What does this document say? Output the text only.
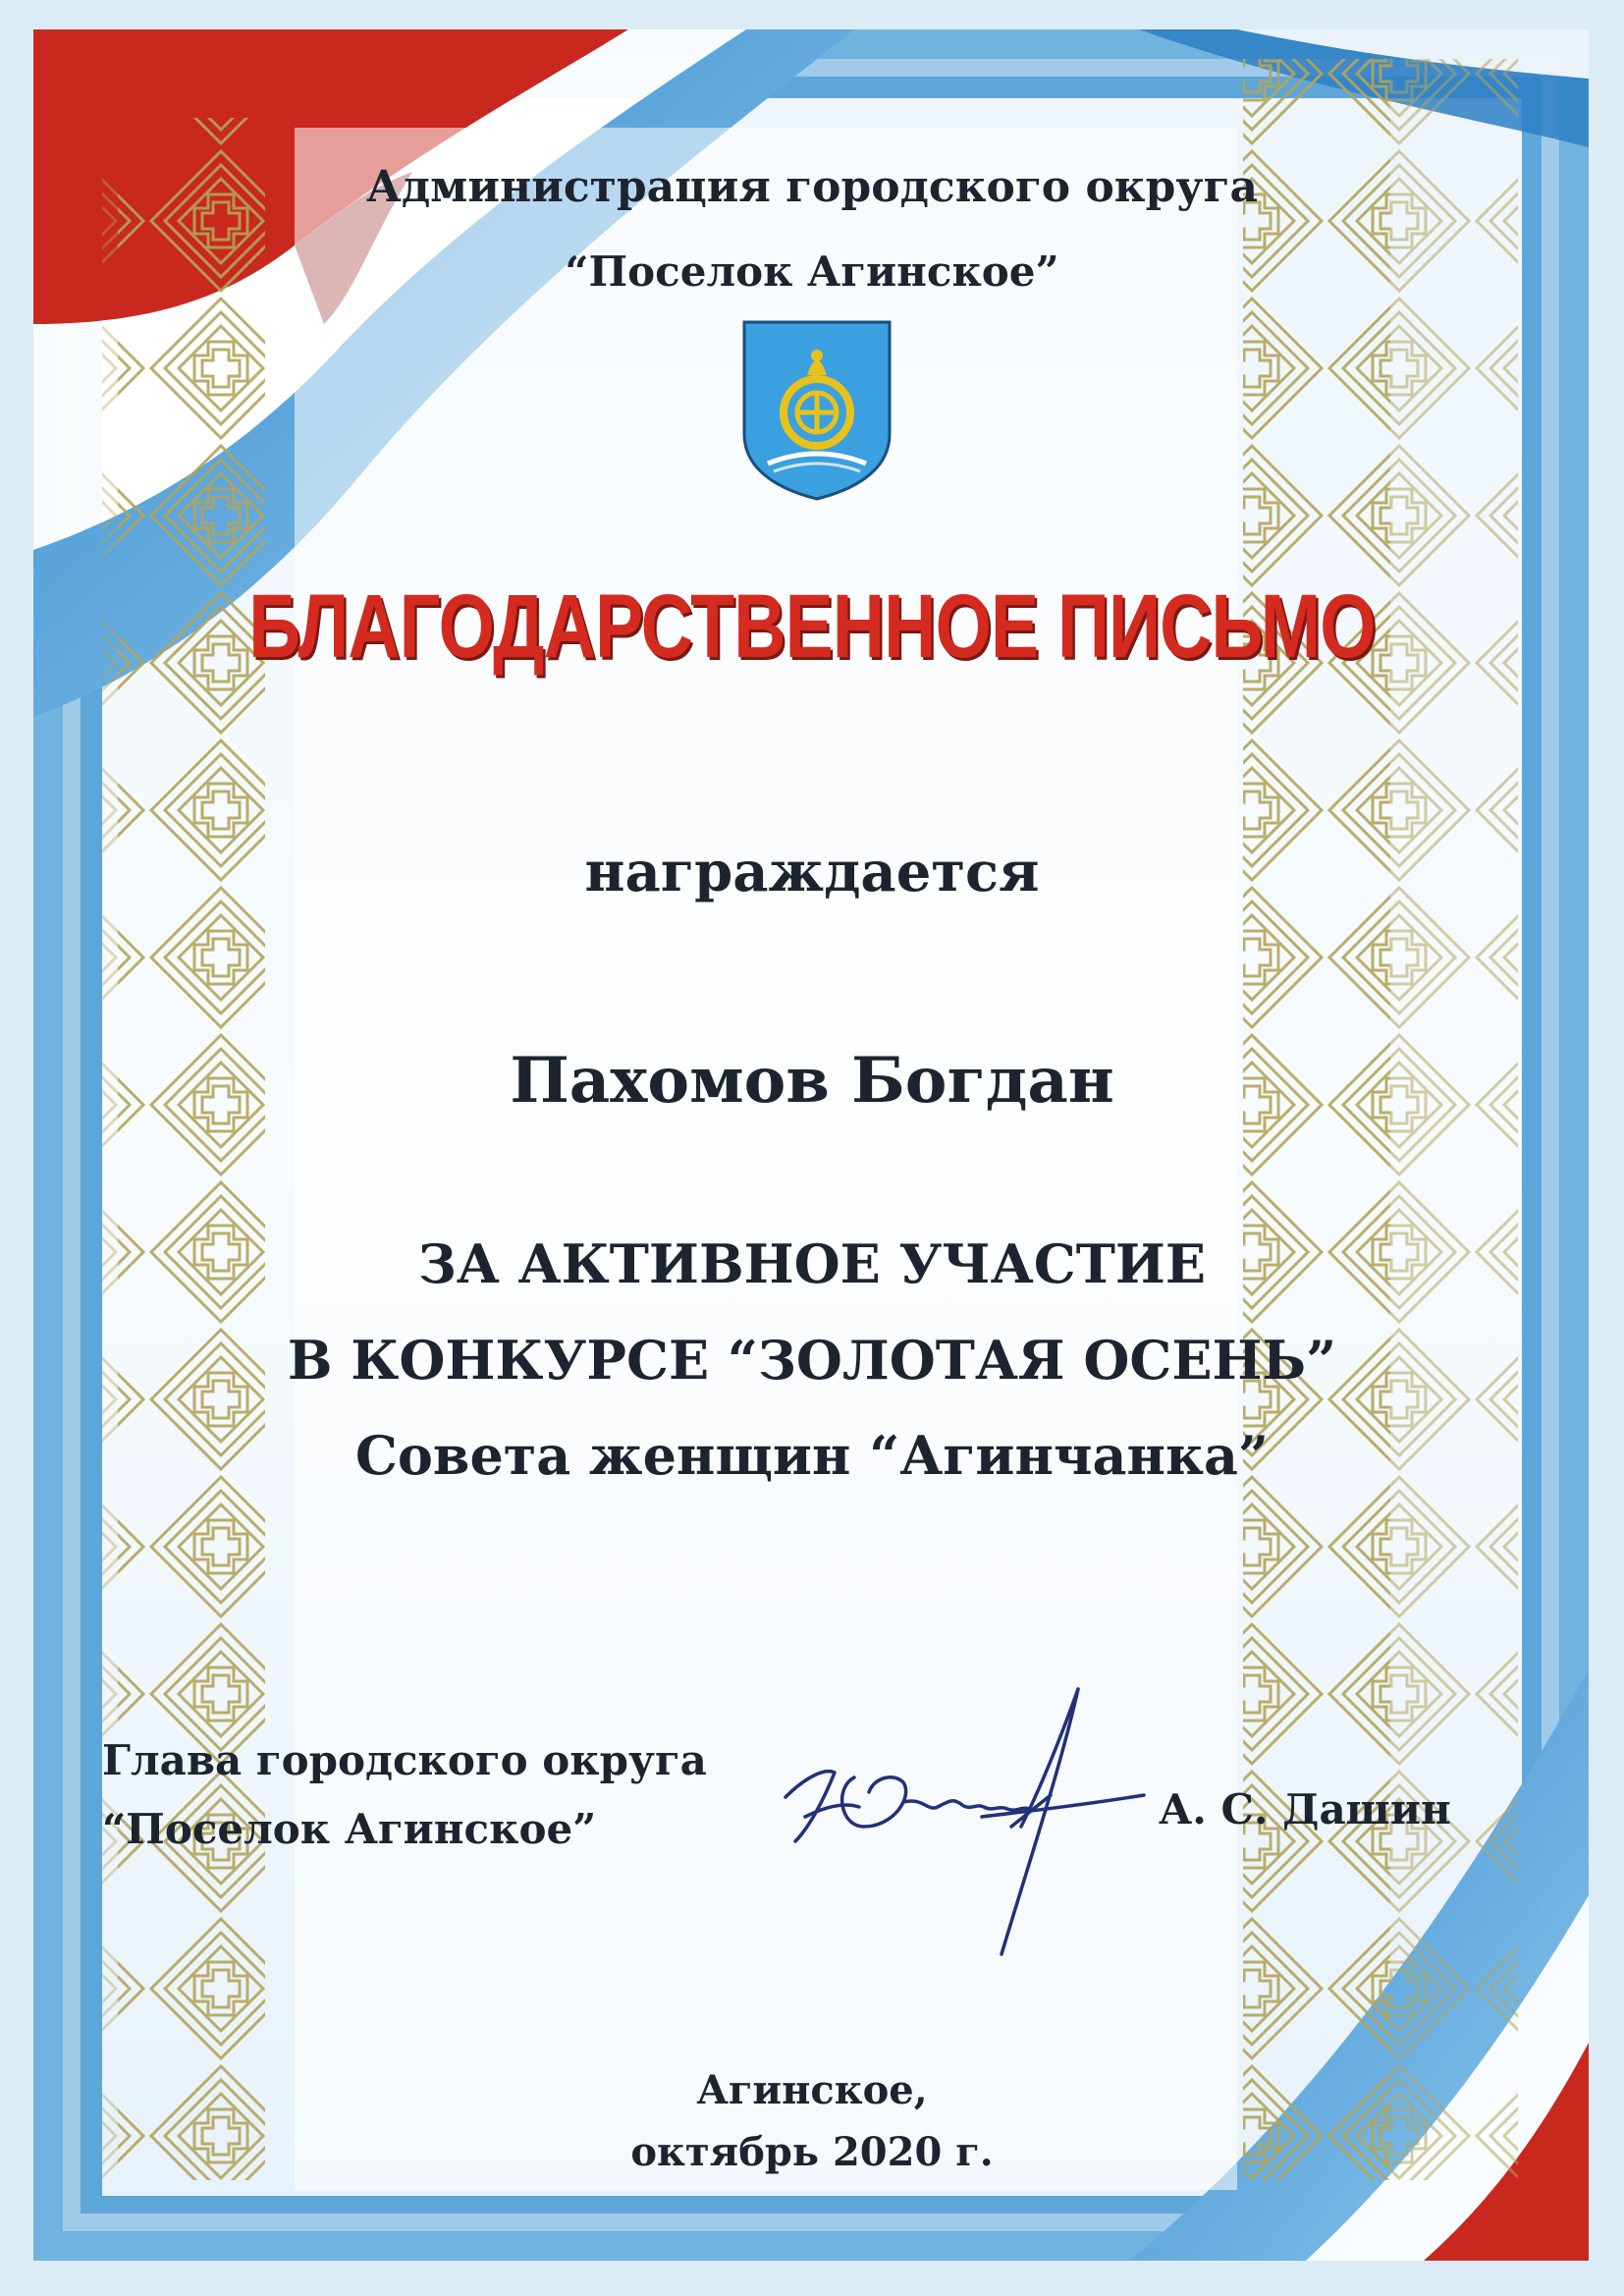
Администрация городского округа
“Поселок Агинское”
БЛАГОДАРСТВЕННОЕ ПИСЬМО
награждается
Пахомов Богдан
ЗА АКТИВНОЕ УЧАСТИЕ
В КОНКУРСЕ “ЗОЛОТАЯ ОСЕНЬ”
Совета женщин “Агинчанка”
Глава городского округа
“Поселок Агинское”	А. С. Дашин
Агинское,
октябрь 2020 г.
